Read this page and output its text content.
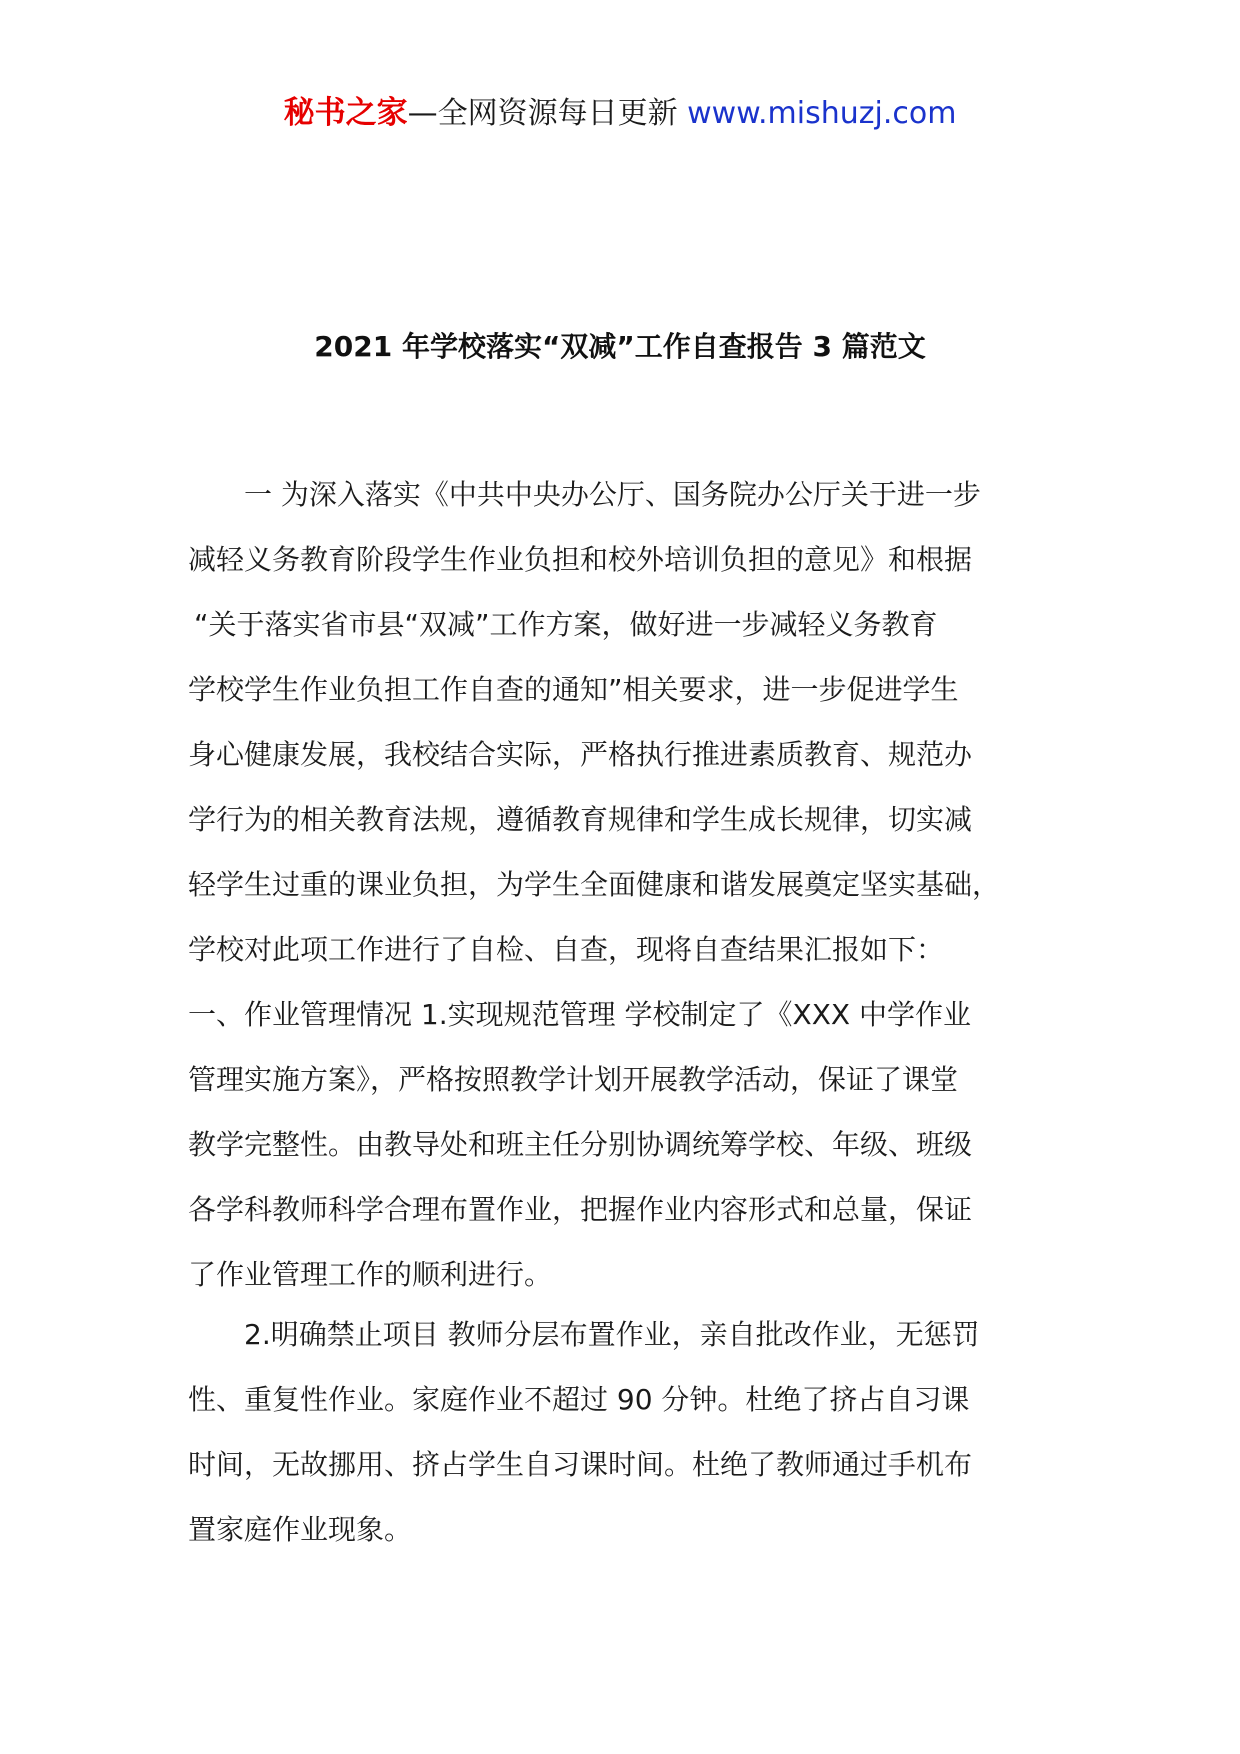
秘书之家—全网资源每日更新 www.mishuzj.com
2021 年学校落实“双减”工作自查报告 3 篇范文
一 为深入落实《中共中央办公厅、国务院办公厅关于进一步
减轻义务教育阶段学生作业负担和校外培训负担的意见》和根据
“关于落实省市县“双减”工作方案，做好进一步减轻义务教育
学校学生作业负担工作自查的通知”相关要求，进一步促进学生
身心健康发展，我校结合实际，严格执行推进素质教育、规范办
学行为的相关教育法规，遵循教育规律和学生成长规律，切实减
轻学生过重的课业负担，为学生全面健康和谐发展奠定坚实基础，
学校对此项工作进行了自检、自查，现将自查结果汇报如下：
一、作业管理情况 1.实现规范管理 学校制定了《XXX 中学作业
管理实施方案》，严格按照教学计划开展教学活动，保证了课堂
教学完整性。由教导处和班主任分别协调统筹学校、年级、班级
各学科教师科学合理布置作业，把握作业内容形式和总量，保证
了作业管理工作的顺利进行。
2.明确禁止项目 教师分层布置作业，亲自批改作业，无惩罚
性、重复性作业。家庭作业不超过 90 分钟。杜绝了挤占自习课
时间，无故挪用、挤占学生自习课时间。杜绝了教师通过手机布
置家庭作业现象。
